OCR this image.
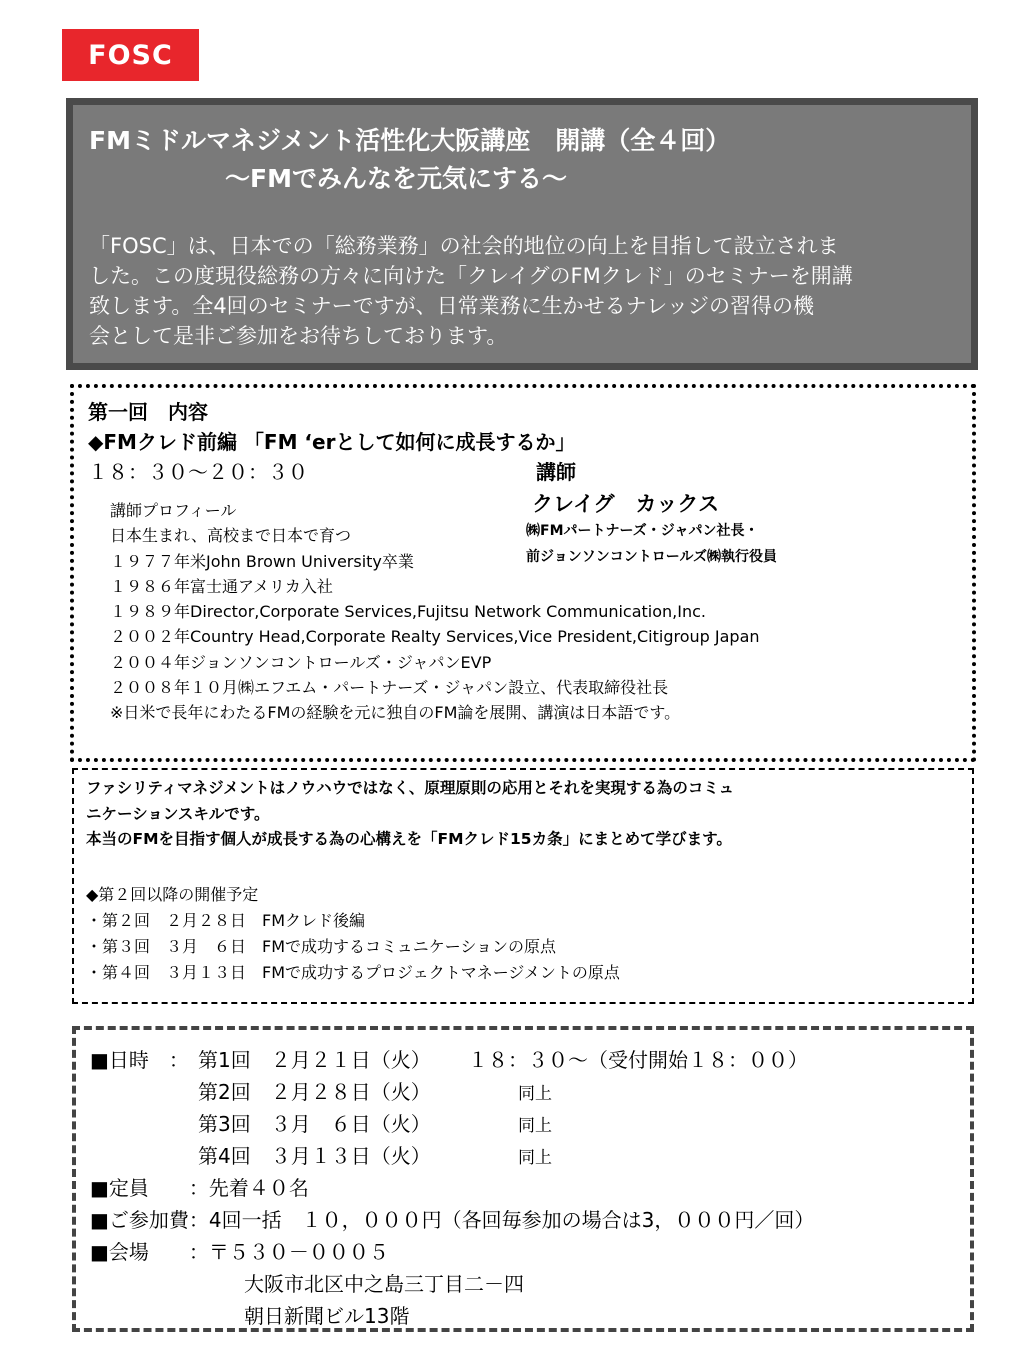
FOSC
FMミドルマネジメント活性化大阪講座　開講（全４回）
～FMでみんなを元気にする～
「FOSC」は、日本での「総務業務」の社会的地位の向上を目指して設立されま
した。この度現役総務の方々に向けた「クレイグのFMクレド」のセミナーを開講
致します。全4回のセミナーですが、日常業務に生かせるナレッジの習得の機
会として是非ご参加をお待ちしております。
第一回　内容
◆FMクレド前編 「FM ‘erとして如何に成長するか」
１８：３０～２０：３０	講師
クレイグ　カックス
㈱FMパートナーズ・ジャパン社長・
前ジョンソンコントロールズ㈱執行役員
講師プロフィール
日本生まれ、高校まで日本で育つ
１９７７年米John Brown University卒業
１９８６年富士通アメリカ入社
１９８９年Director,Corporate Services,Fujitsu Network Communication,Inc.
２００２年Country Head,Corporate Realty Services,Vice President,Citigroup Japan
２００４年ジョンソンコントロールズ・ジャパンEVP
２００８年１０月㈱エフエム・パートナーズ・ジャパン設立、代表取締役社長
※日米で長年にわたるFMの経験を元に独自のFM論を展開、講演は日本語です。
ファシリティマネジメントはノウハウではなく、原理原則の応用とそれを実現する為のコミュ
ニケーションスキルです。
本当のFMを目指す個人が成長する為の心構えを「FMクレド15カ条」にまとめて学びます。
◆第２回以降の開催予定
・第２回　２月２８日　FMクレド後編
・第３回　３月　６日　FMで成功するコミュニケーションの原点
・第４回　３月１３日　FMで成功するプロジェクトマネージメントの原点
■日時　： 第1回　２月２１日（火） １８：３０～（受付開始１８：００）
第2回　２月２８日（火）	同上
第3回　３月　６日（火）	同上
第4回　３月１３日（火）	同上
■定員　　：先着４０名
■ご参加費：4回一括　１０，０００円（各回毎参加の場合は3，０００円／回）
■会場　　：〒５３０－０００５
大阪市北区中之島三丁目二－四
朝日新聞ビル13階
